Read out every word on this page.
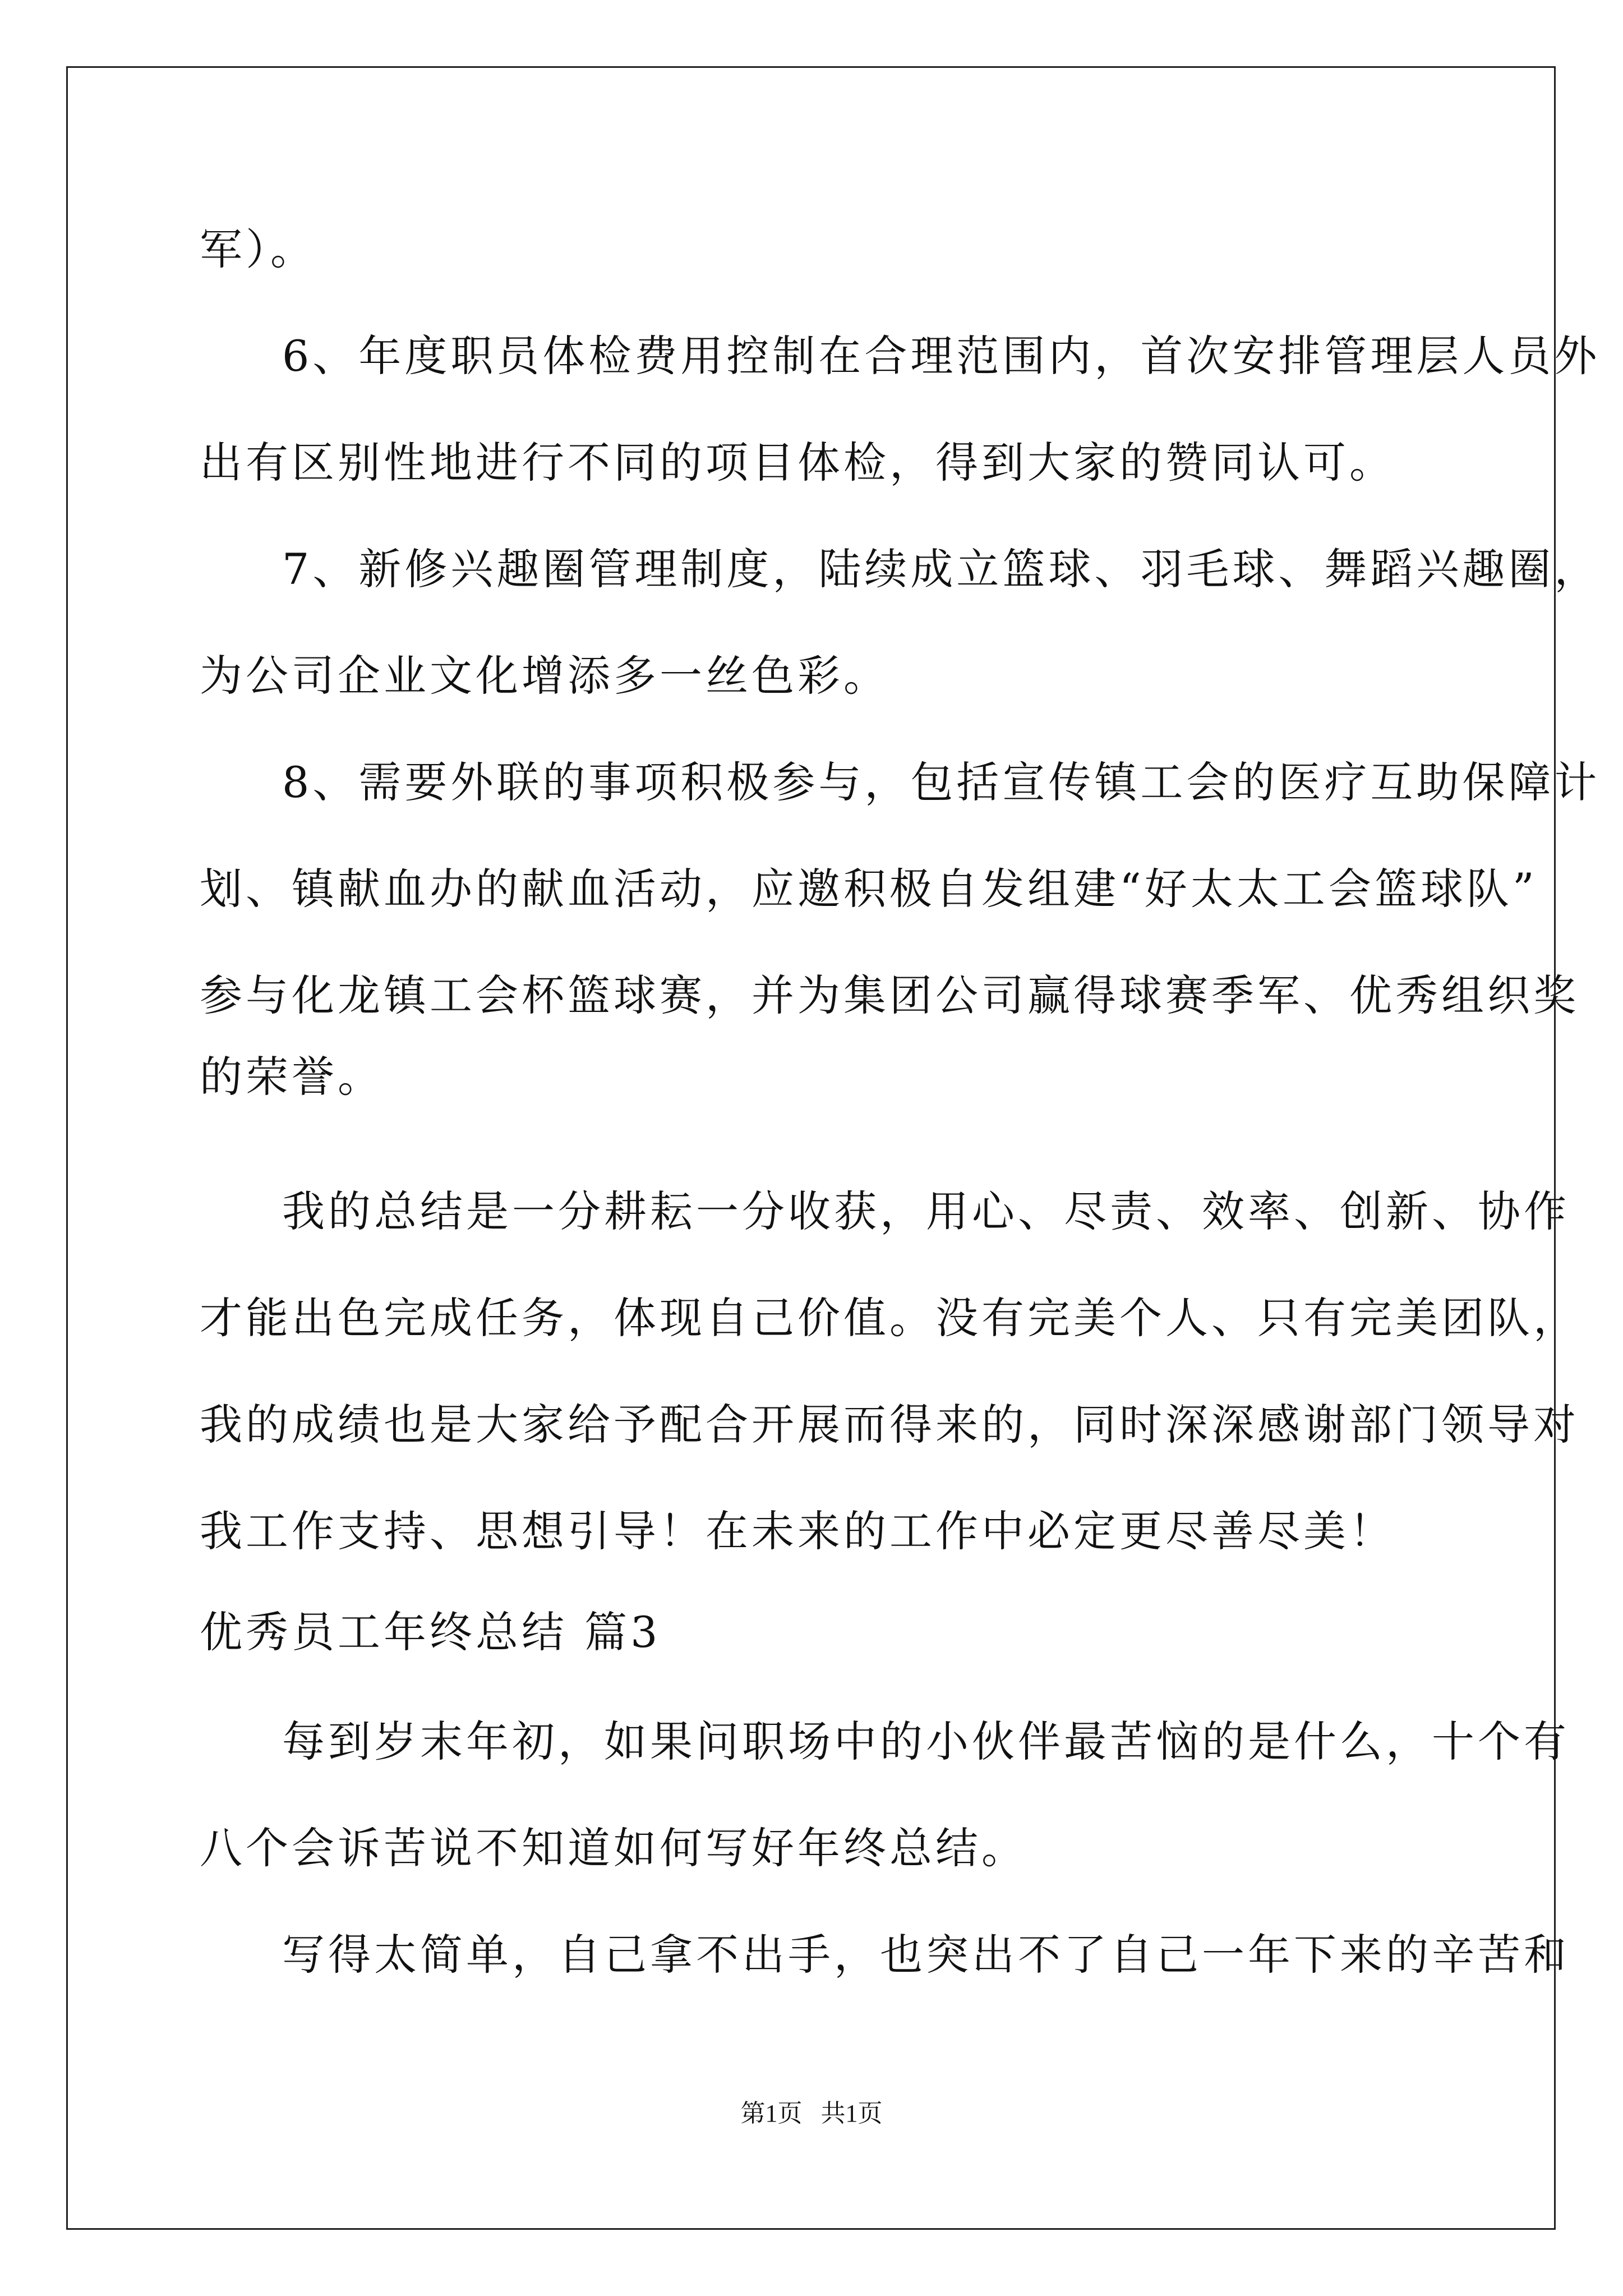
军）。
6、年度职员体检费用控制在合理范围内，首次安排管理层人员外
出有区别性地进行不同的项目体检，得到大家的赞同认可。
7、新修兴趣圈管理制度，陆续成立篮球、羽毛球、舞蹈兴趣圈，
为公司企业文化增添多一丝色彩。
8、需要外联的事项积极参与，包括宣传镇工会的医疗互助保障计
划、镇献血办的献血活动，应邀积极自发组建“好太太工会篮球队”
参与化龙镇工会杯篮球赛，并为集团公司赢得球赛季军、优秀组织奖
的荣誉。
我的总结是一分耕耘一分收获，用心、尽责、效率、创新、协作
才能出色完成任务，体现自己价值。没有完美个人、只有完美团队，
我的成绩也是大家给予配合开展而得来的，同时深深感谢部门领导对
我工作支持、思想引导！在未来的工作中必定更尽善尽美！
优秀员工年终总结 篇3
每到岁末年初，如果问职场中的小伙伴最苦恼的是什么，十个有
八个会诉苦说不知道如何写好年终总结。
写得太简单，自己拿不出手，也突出不了自己一年下来的辛苦和
第1页   共1页
